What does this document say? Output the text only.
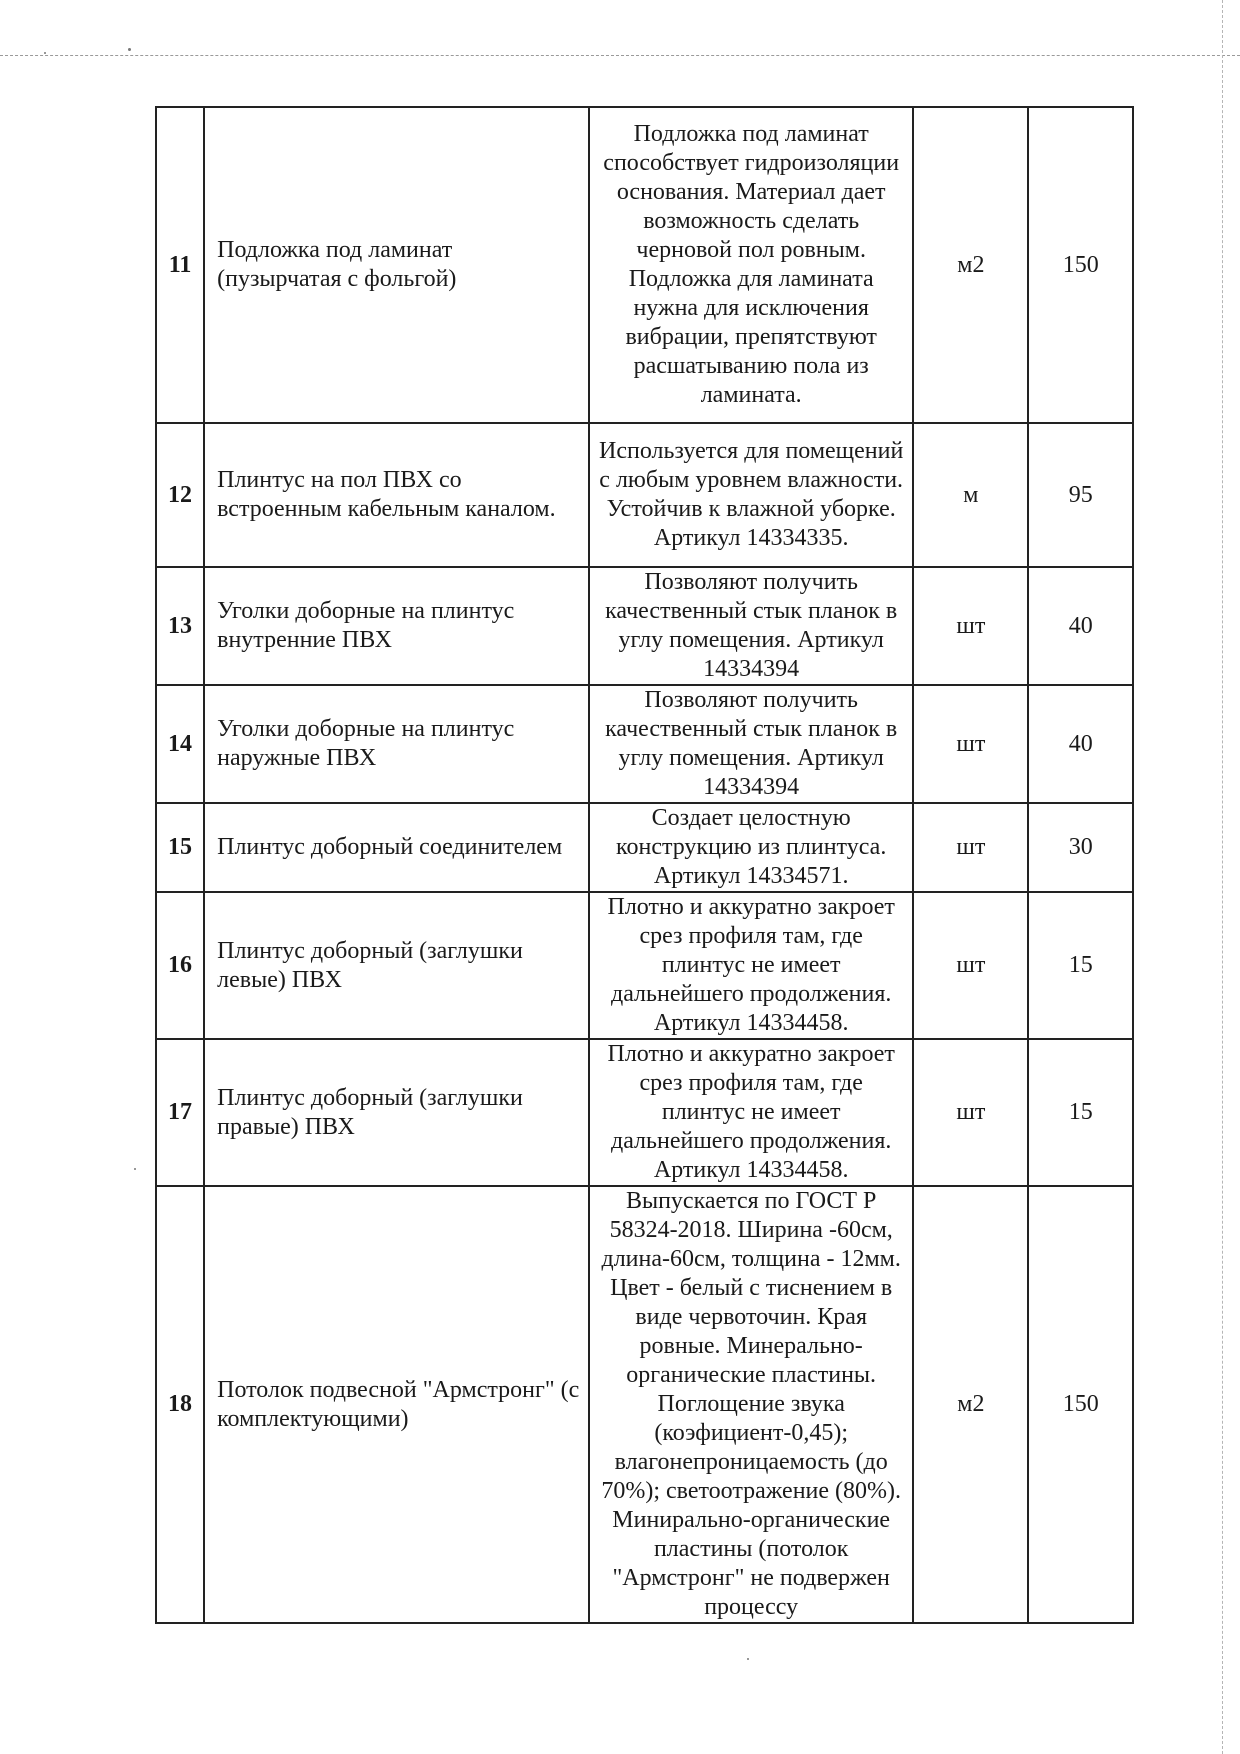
11	Подложка под ламинат (пузырчатая с фольгой)	Подложка под ламинат способствует гидроизоляции основания. Материал дает возможность сделать черновой пол ровным. Подложка для ламината нужна для исключения вибрации, препятствуют расшатыванию пола из ламината.	м2	150
12	Плинтус на пол ПВХ со встроенным кабельным каналом.	Используется для помещений с любым уровнем влажности. Устойчив к влажной уборке. Артикул 14334335.	м	95
13	Уголки доборные на плинтус внутренние ПВХ	Позволяют получить качественный стык планок в углу помещения. Артикул 14334394	шт	40
14	Уголки доборные на плинтус наружные ПВХ	Позволяют получить качественный стык планок в углу помещения. Артикул 14334394	шт	40
15	Плинтус доборный соединителем	Создает целостную конструкцию из плинтуса. Артикул 14334571.	шт	30
16	Плинтус доборный (заглушки левые) ПВХ	Плотно и аккуратно закроет срез профиля там, где плинтус не имеет дальнейшего продолжения. Артикул 14334458.	шт	15
17	Плинтус доборный (заглушки правые) ПВХ	Плотно и аккуратно закроет срез профиля там, где плинтус не имеет дальнейшего продолжения. Артикул 14334458.	шт	15
18	Потолок подвесной "Армстронг" (с комплектующими)	Выпускается по ГОСТ Р 58324-2018. Ширина -60см, длина-60см, толщина - 12мм. Цвет - белый с тиснением в виде червоточин. Края ровные. Минерально-органические пластины. Поглощение звука (коэфициент-0,45); влагонепроницаемость (до 70%); светоотражение (80%). Минирально-органические пластины (потолок "Армстронг" не подвержен процессу	м2	150
